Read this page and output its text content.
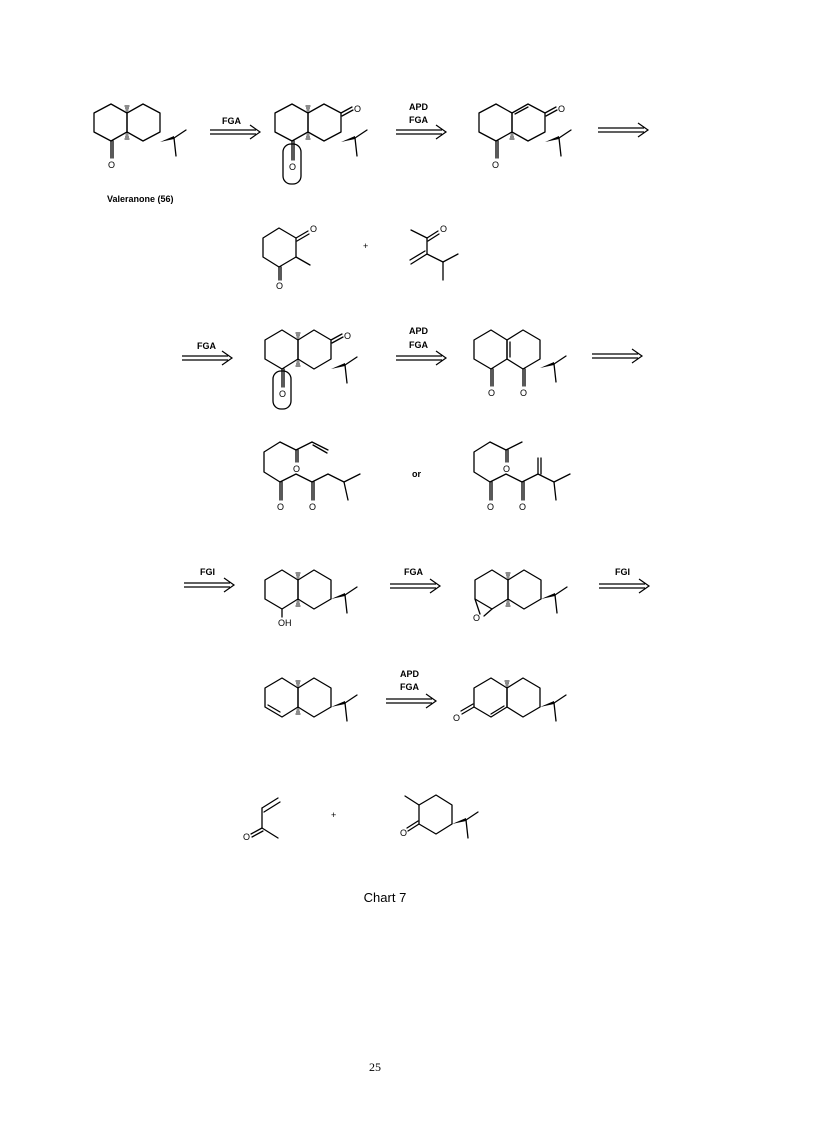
O
Valeranone (56)
FGA
O
O
APD
FGA
O
O
O
O
+
O
FGA
O
O
APD
FGA
O	O
O
O	O
or	O
O	O
FGI
OH
FGA
O
FGI
APD
FGA
O
O
+
O
Chart 7
25
